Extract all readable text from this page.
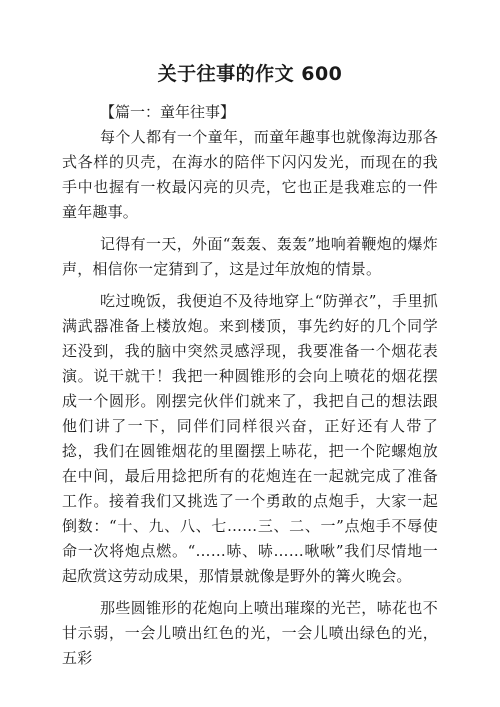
关于往事的作文 600

【篇一：童年往事】

每个人都有一个童年，而童年趣事也就像海边那各式各样的贝壳，在海水的陪伴下闪闪发光，而现在的我手中也握有一枚最闪亮的贝壳，它也正是我难忘的一件童年趣事。

记得有一天，外面“轰轰、轰轰”地响着鞭炮的爆炸声，相信你一定猜到了，这是过年放炮的情景。

吃过晚饭，我便迫不及待地穿上“防弹衣”，手里抓满武器准备上楼放炮。来到楼顶，事先约好的几个同学还没到，我的脑中突然灵感浮现，我要准备一个烟花表演。说干就干！我把一种圆锥形的会向上喷花的烟花摆成一个圆形。刚摆完伙伴们就来了，我把自己的想法跟他们讲了一下，同伴们同样很兴奋，正好还有人带了捻，我们在圆锥烟花的里圈摆上哧花，把一个陀螺炮放在中间，最后用捻把所有的花炮连在一起就完成了准备工作。接着我们又挑选了一个勇敢的点炮手，大家一起倒数：“十、九、八、七……三、二、一”点炮手不辱使命一次将炮点燃。“……哧、哧……啾啾”我们尽情地一起欣赏这劳动成果，那情景就像是野外的篝火晚会。

那些圆锥形的花炮向上喷出璀璨的光芒，哧花也不甘示弱，一会儿喷出红色的光，一会儿喷出绿色的光，五彩
